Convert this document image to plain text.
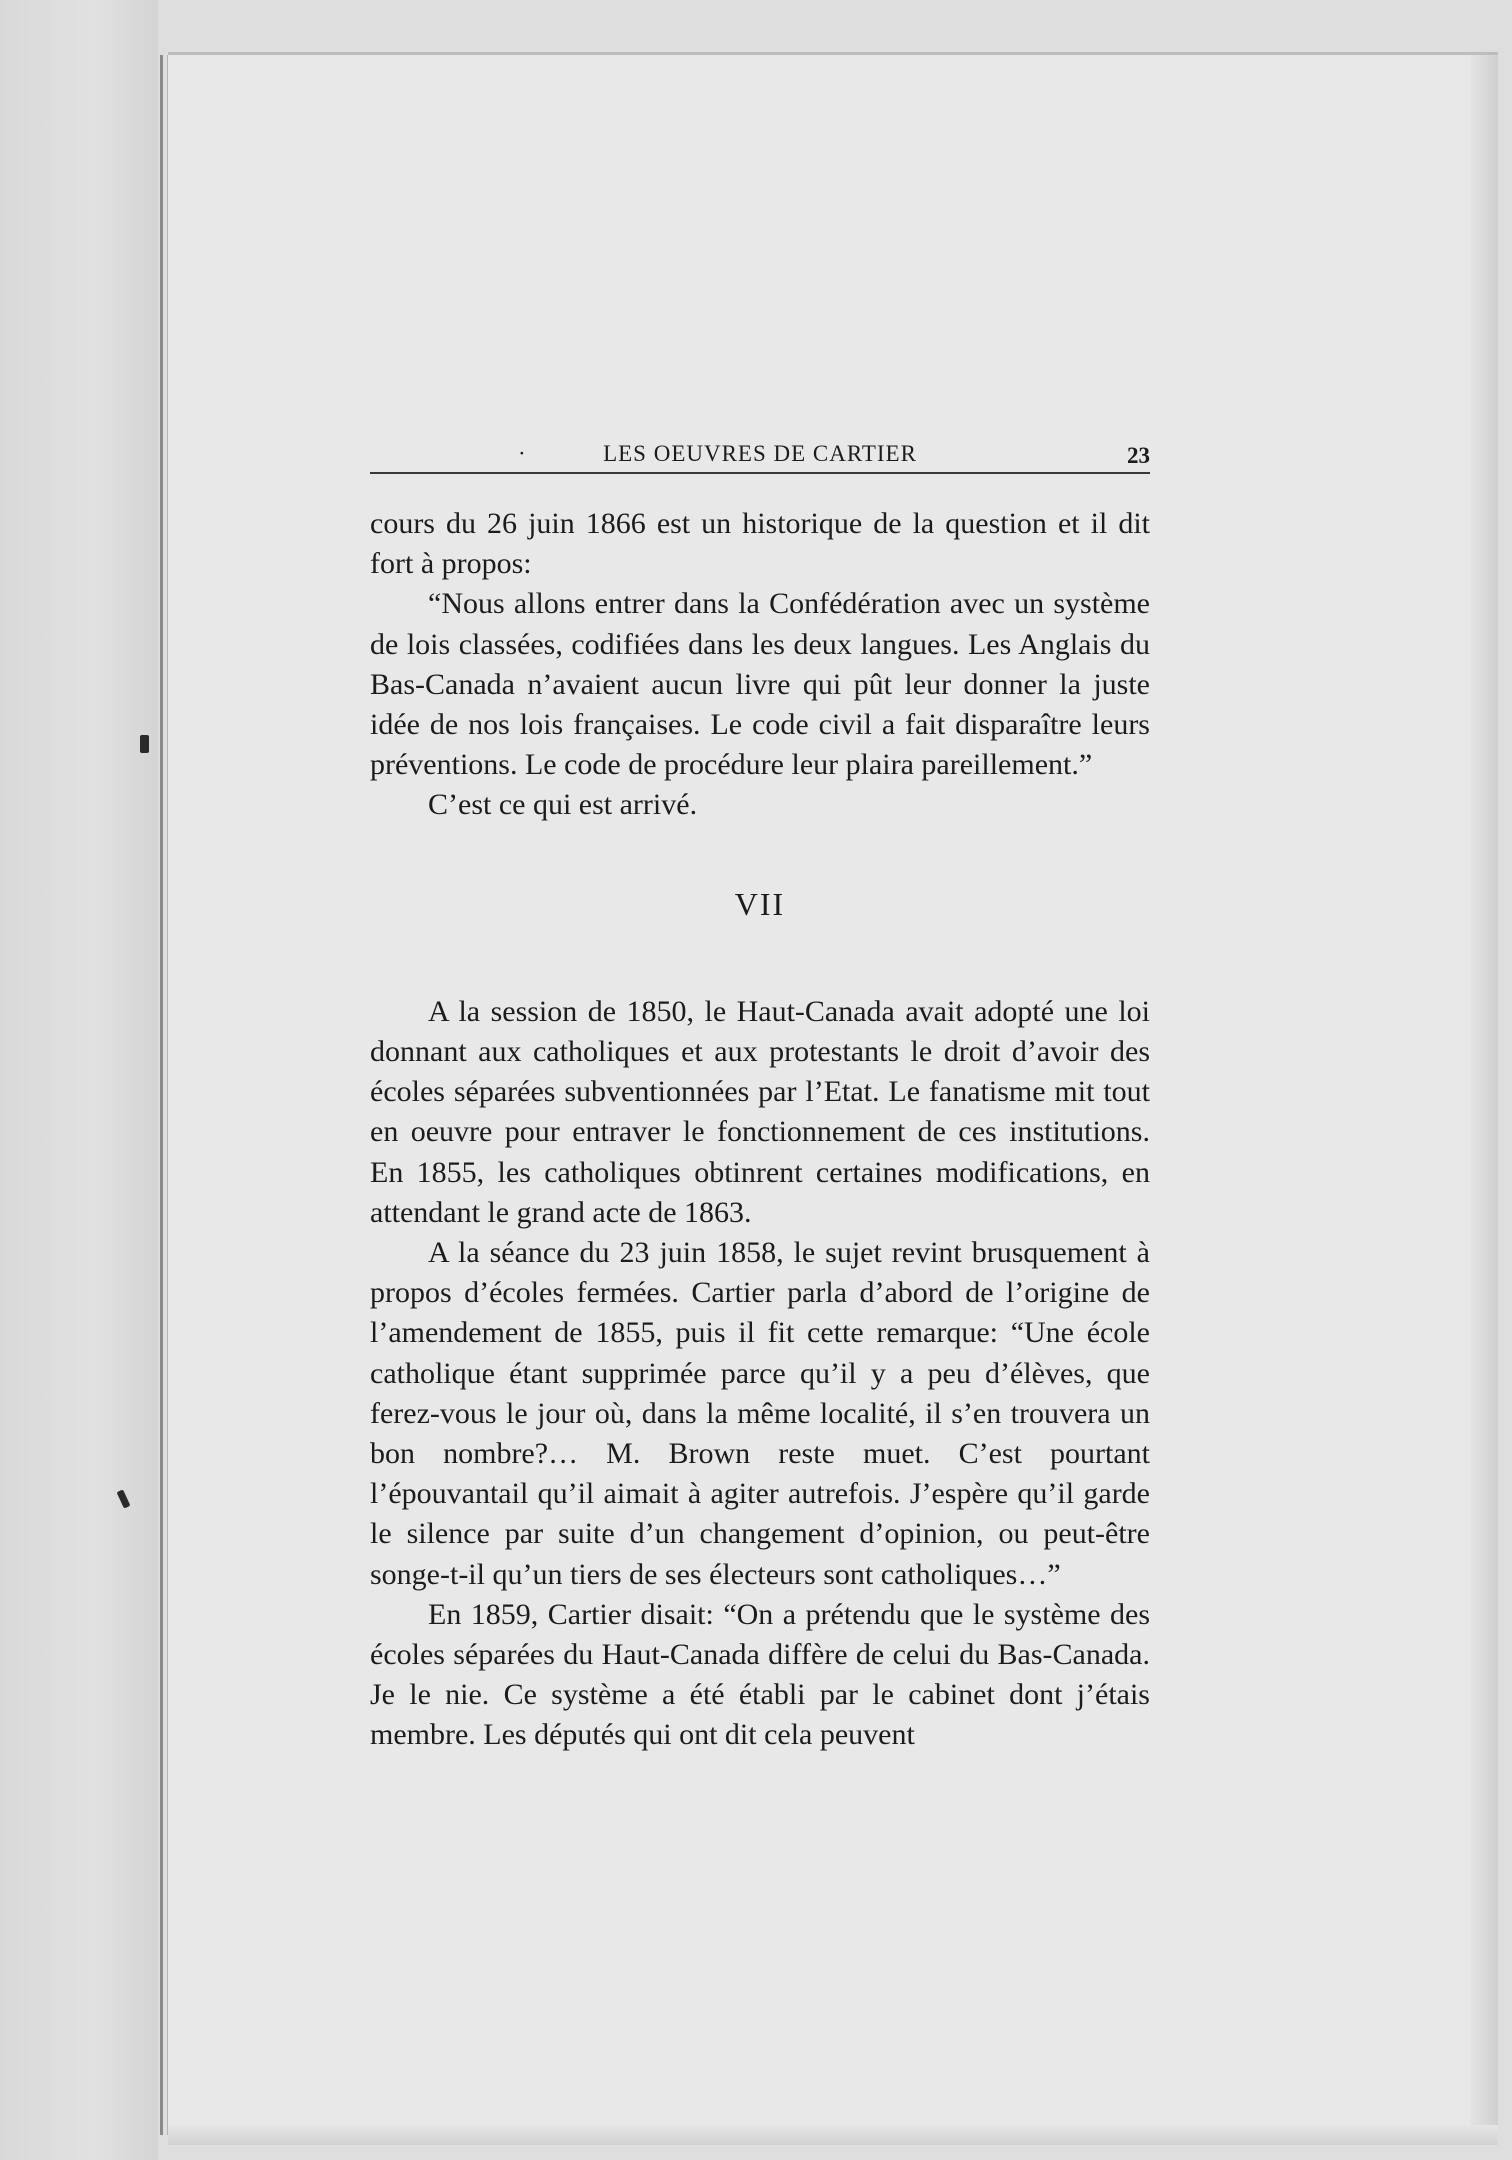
·	LES OEUVRES DE CARTIER	23

cours du 26 juin 1866 est un historique de la question et il dit fort à propos:

“Nous allons entrer dans la Confédération avec un système de lois classées, codifiées dans les deux langues. Les Anglais du Bas-Canada n’avaient aucun livre qui pût leur donner la juste idée de nos lois françaises. Le code civil a fait disparaître leurs préventions. Le code de procédure leur plaira pareillement.”

C’est ce qui est arrivé.

VII

A la session de 1850, le Haut-Canada avait adopté une loi donnant aux catholiques et aux protestants le droit d’avoir des écoles séparées subventionnées par l’Etat. Le fanatisme mit tout en oeuvre pour entraver le fonctionnement de ces institutions. En 1855, les catholiques obtinrent certaines modifications, en attendant le grand acte de 1863.

A la séance du 23 juin 1858, le sujet revint brusquement à propos d’écoles fermées. Cartier parla d’abord de l’origine de l’amendement de 1855, puis il fit cette remarque: “Une école catholique étant supprimée parce qu’il y a peu d’élèves, que ferez-vous le jour où, dans la même localité, il s’en trouvera un bon nombre?… M. Brown reste muet. C’est pourtant l’épouvantail qu’il aimait à agiter autrefois. J’espère qu’il garde le silence par suite d’un changement d’opinion, ou peut-être songe-t-il qu’un tiers de ses électeurs sont catholiques…”

En 1859, Cartier disait: “On a prétendu que le système des écoles séparées du Haut-Canada diffère de celui du Bas-Canada. Je le nie. Ce système a été établi par le cabinet dont j’étais membre. Les députés qui ont dit cela peuvent
